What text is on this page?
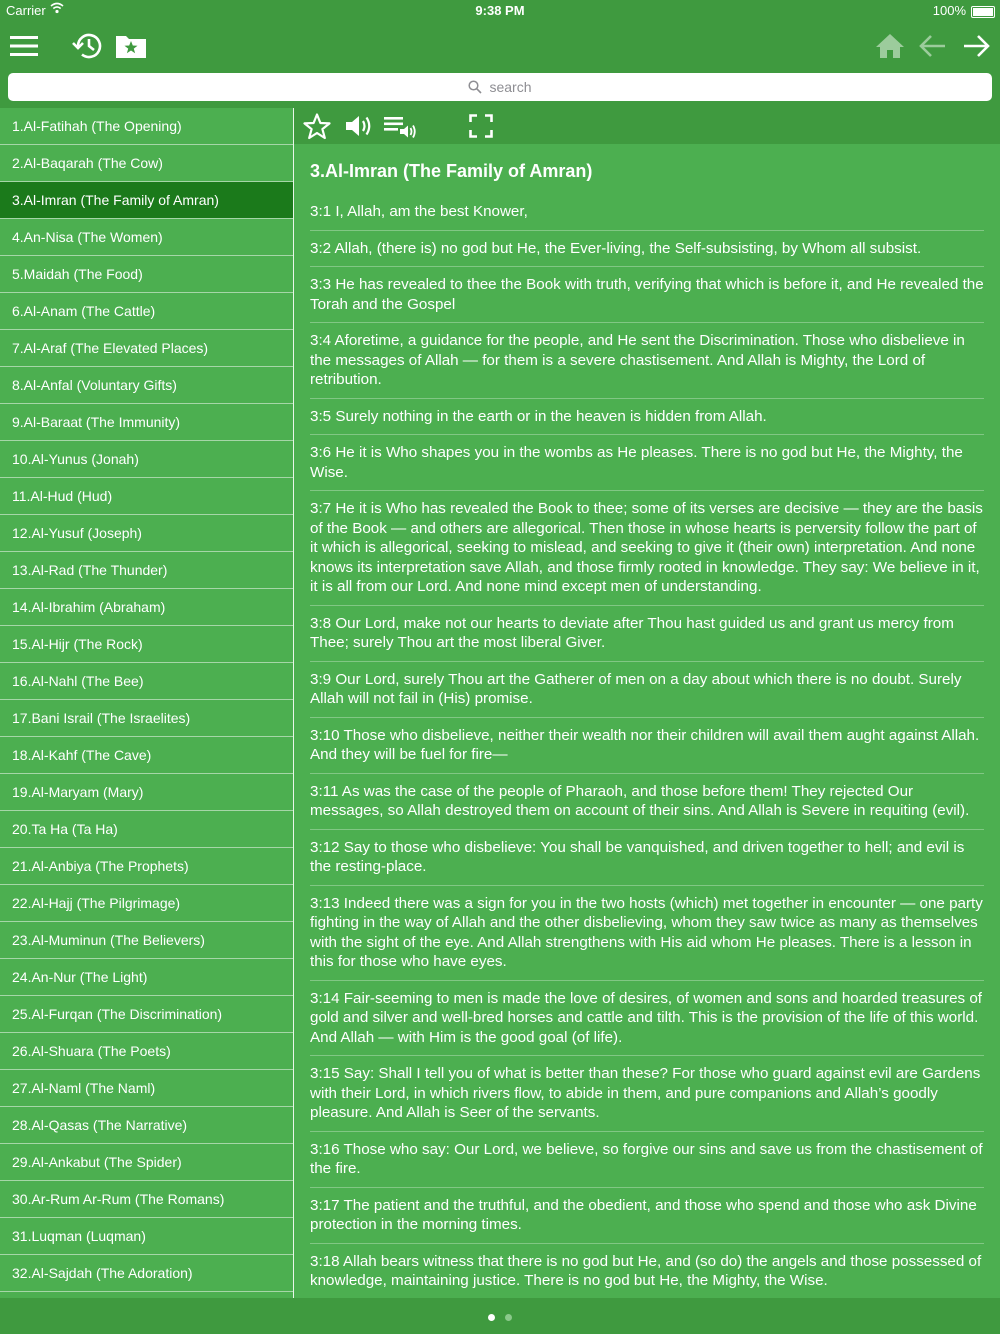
Carrier	9:38 PM	100%
search
1.Al-Fatihah (The Opening)
2.Al-Baqarah (The Cow)
3.Al-Imran (The Family of Amran)
4.An-Nisa (The Women)
5.Maidah (The Food)
6.Al-Anam (The Cattle)
7.Al-Araf (The Elevated Places)
8.Al-Anfal (Voluntary Gifts)
9.Al-Baraat (The Immunity)
10.Al-Yunus (Jonah)
11.Al-Hud (Hud)
12.Al-Yusuf (Joseph)
13.Al-Rad (The Thunder)
14.Al-Ibrahim (Abraham)
15.Al-Hijr (The Rock)
16.Al-Nahl (The Bee)
17.Bani Israil (The Israelites)
18.Al-Kahf (The Cave)
19.Al-Maryam (Mary)
20.Ta Ha (Ta Ha)
21.Al-Anbiya (The Prophets)
22.Al-Hajj (The Pilgrimage)
23.Al-Muminun (The Believers)
24.An-Nur (The Light)
25.Al-Furqan (The Discrimination)
26.Al-Shuara (The Poets)
27.Al-Naml (The Naml)
28.Al-Qasas (The Narrative)
29.Al-Ankabut (The Spider)
30.Ar-Rum Ar-Rum (The Romans)
31.Luqman (Luqman)
32.Al-Sajdah (The Adoration)
3.Al-Imran (The Family of Amran)
3:1 I, Allah, am the best Knower,
3:2 Allah, (there is) no god but He, the Ever-living, the Self-subsisting, by Whom all subsist.
3:3 He has revealed to thee the Book with truth, verifying that which is before it, and He revealed the Torah and the Gospel
3:4 Aforetime, a guidance for the people, and He sent the Discrimination. Those who disbelieve in the messages of Allah — for them is a severe chastisement. And Allah is Mighty, the Lord of retribution.
3:5 Surely nothing in the earth or in the heaven is hidden from Allah.
3:6 He it is Who shapes you in the wombs as He pleases. There is no god but He, the Mighty, the Wise.
3:7 He it is Who has revealed the Book to thee; some of its verses are decisive — they are the basis of the Book — and others are allegorical. Then those in whose hearts is perversity follow the part of it which is allegorical, seeking to mislead, and seeking to give it (their own) interpretation. And none knows its interpretation save Allah, and those firmly rooted in knowledge. They say: We believe in it, it is all from our Lord. And none mind except men of understanding.
3:8 Our Lord, make not our hearts to deviate after Thou hast guided us and grant us mercy from Thee; surely Thou art the most liberal Giver.
3:9 Our Lord, surely Thou art the Gatherer of men on a day about which there is no doubt. Surely Allah will not fail in (His) promise.
3:10 Those who disbelieve, neither their wealth nor their children will avail them aught against Allah. And they will be fuel for fire—
3:11 As was the case of the people of Pharaoh, and those before them! They rejected Our messages, so Allah destroyed them on account of their sins. And Allah is Severe in requiting (evil).
3:12 Say to those who disbelieve: You shall be vanquished, and driven together to hell; and evil is the resting-place.
3:13 Indeed there was a sign for you in the two hosts (which) met together in encounter — one party fighting in the way of Allah and the other disbelieving, whom they saw twice as many as themselves with the sight of the eye. And Allah strengthens with His aid whom He pleases. There is a lesson in this for those who have eyes.
3:14 Fair-seeming to men is made the love of desires, of women and sons and hoarded treasures of gold and silver and well-bred horses and cattle and tilth. This is the provision of the life of this world. And Allah — with Him is the good goal (of life).
3:15 Say: Shall I tell you of what is better than these? For those who guard against evil are Gardens with their Lord, in which rivers flow, to abide in them, and pure companions and Allah’s goodly pleasure. And Allah is Seer of the servants.
3:16 Those who say: Our Lord, we believe, so forgive our sins and save us from the chastisement of the fire.
3:17 The patient and the truthful, and the obedient, and those who spend and those who ask Divine protection in the morning times.
3:18 Allah bears witness that there is no god but He, and (so do) the angels and those possessed of knowledge, maintaining justice. There is no god but He, the Mighty, the Wise.
